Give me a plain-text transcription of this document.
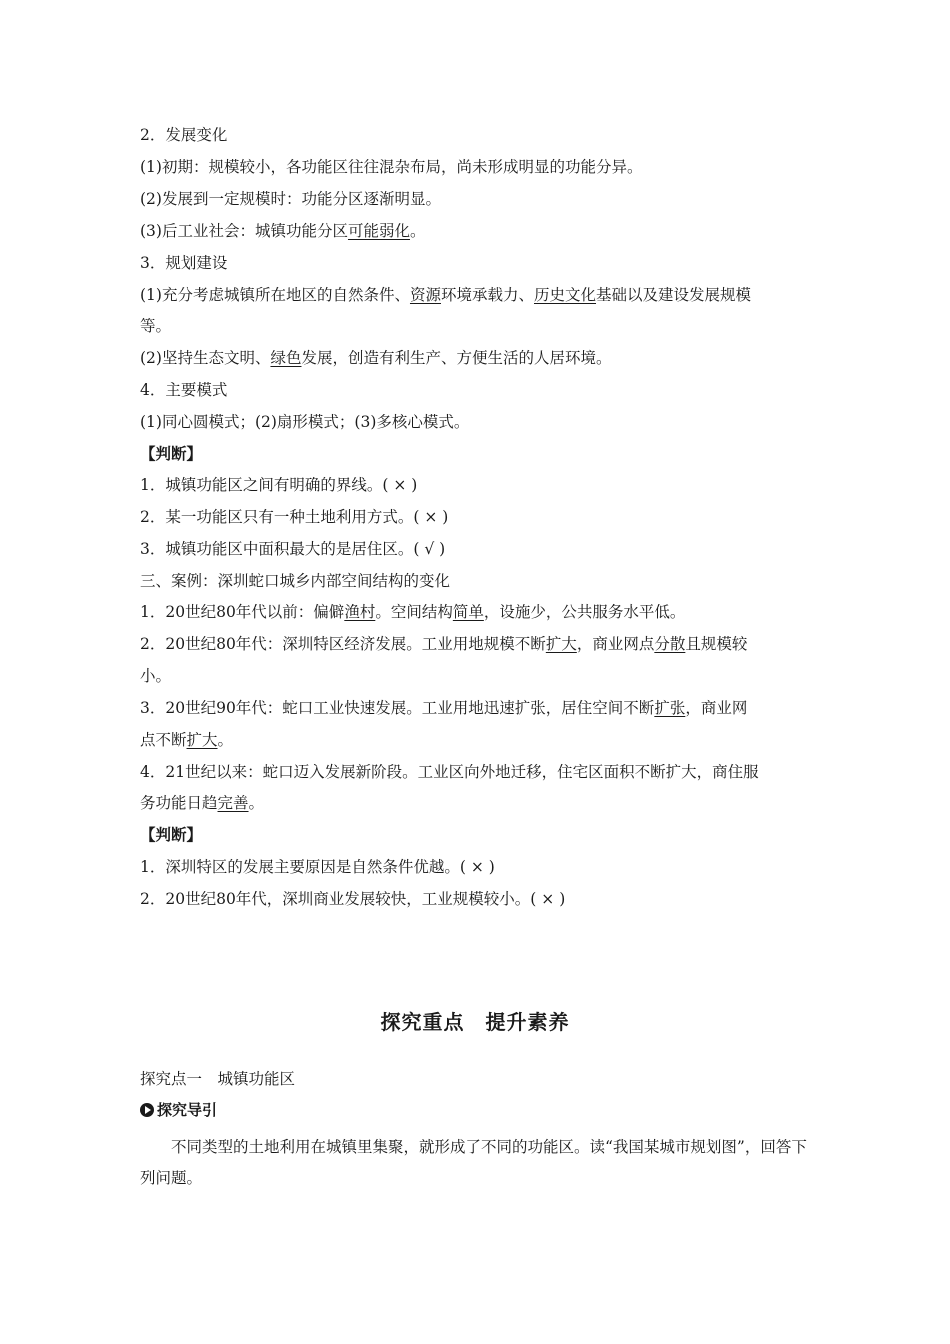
2．发展变化
(1)初期：规模较小，各功能区往往混杂布局，尚未形成明显的功能分异。
(2)发展到一定规模时：功能分区逐渐明显。
(3)后工业社会：城镇功能分区可能弱化。
3．规划建设
(1)充分考虑城镇所在地区的自然条件、资源环境承载力、历史文化基础以及建设发展规模
等。
(2)坚持生态文明、绿色发展，创造有利生产、方便生活的人居环境。
4．主要模式
(1)同心圆模式；(2)扇形模式；(3)多核心模式。
【判断】
1．城镇功能区之间有明确的界线。( × )
2．某一功能区只有一种土地利用方式。( × )
3．城镇功能区中面积最大的是居住区。( √ )
三、案例：深圳蛇口城乡内部空间结构的变化
1．20世纪80年代以前：偏僻渔村。空间结构简单，设施少，公共服务水平低。
2．20世纪80年代：深圳特区经济发展。工业用地规模不断扩大，商业网点分散且规模较
小。
3．20世纪90年代：蛇口工业快速发展。工业用地迅速扩张，居住空间不断扩张，商业网
点不断扩大。
4．21世纪以来：蛇口迈入发展新阶段。工业区向外地迁移，住宅区面积不断扩大，商住服
务功能日趋完善。
【判断】
1．深圳特区的发展主要原因是自然条件优越。( × )
2．20世纪80年代，深圳商业发展较快，工业规模较小。( × )
探究重点　提升素养
探究点一　城镇功能区
探究导引
不同类型的土地利用在城镇里集聚，就形成了不同的功能区。读“我国某城市规划图”，回答下列问题。
